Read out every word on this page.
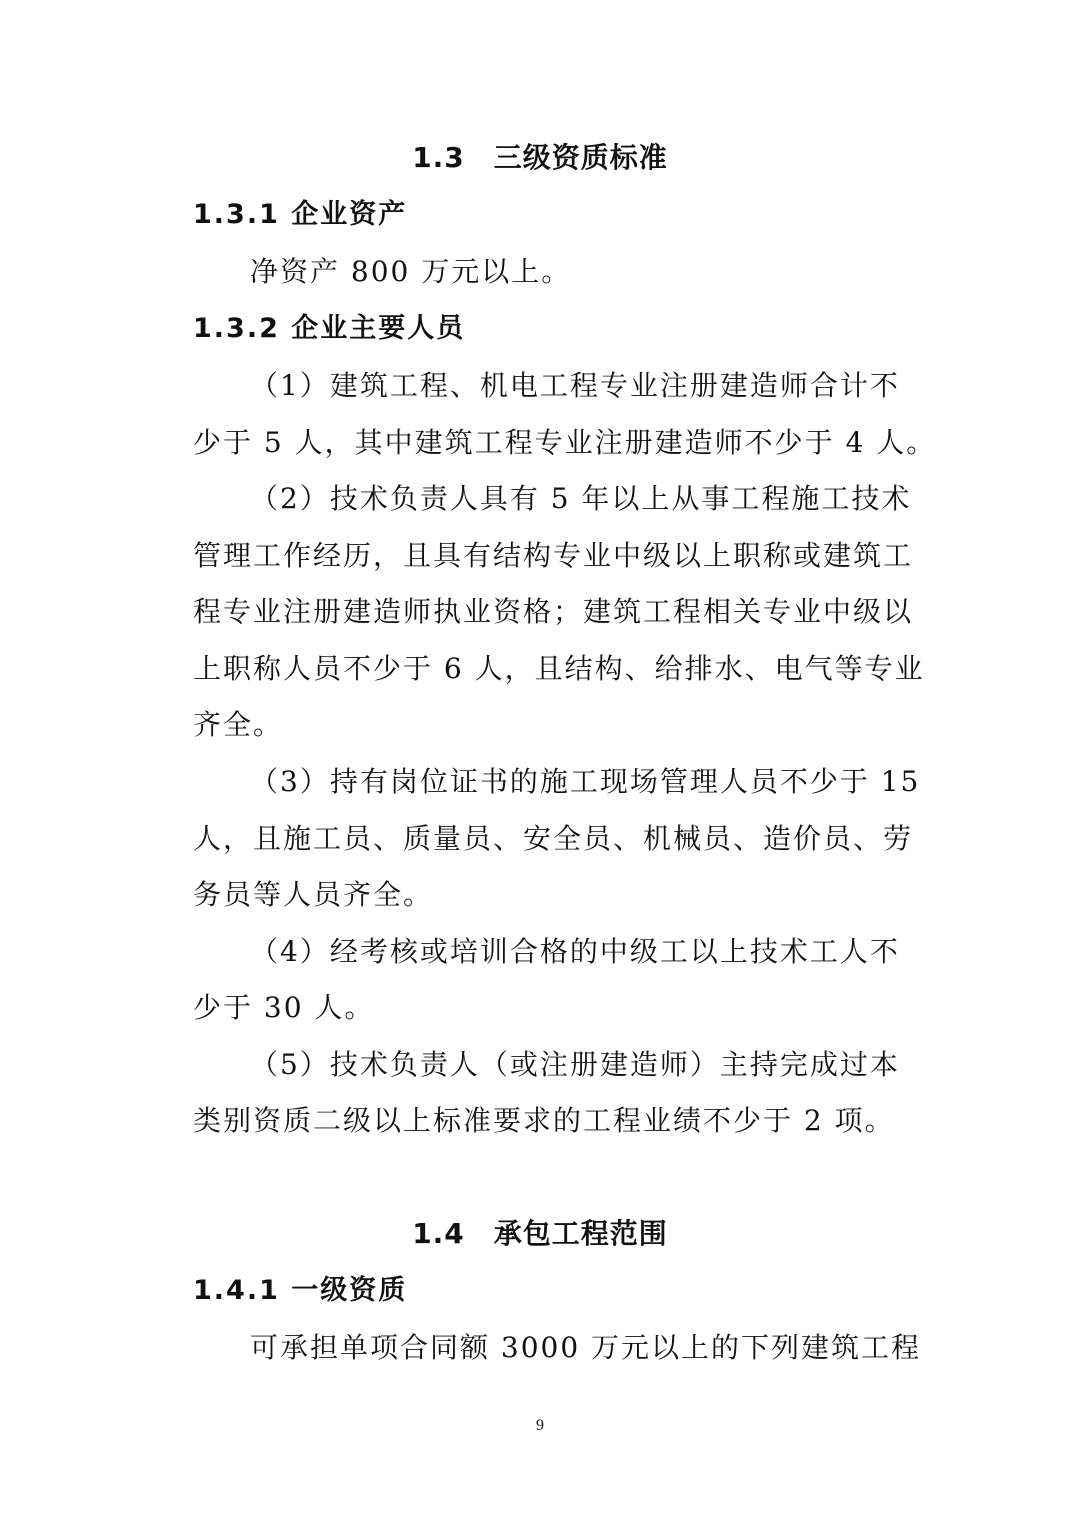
1.3　三级资质标准
1.3.1 企业资产
净资产 800 万元以上。
1.3.2 企业主要人员
（1）建筑工程、机电工程专业注册建造师合计不
少于 5 人，其中建筑工程专业注册建造师不少于 4 人。
（2）技术负责人具有 5 年以上从事工程施工技术
管理工作经历，且具有结构专业中级以上职称或建筑工
程专业注册建造师执业资格；建筑工程相关专业中级以
上职称人员不少于 6 人，且结构、给排水、电气等专业
齐全。
（3）持有岗位证书的施工现场管理人员不少于 15
人，且施工员、质量员、安全员、机械员、造价员、劳
务员等人员齐全。
（4）经考核或培训合格的中级工以上技术工人不
少于 30 人。
（5）技术负责人（或注册建造师）主持完成过本
类别资质二级以上标准要求的工程业绩不少于 2 项。
1.4　承包工程范围
1.4.1 一级资质
可承担单项合同额 3000 万元以上的下列建筑工程
9
